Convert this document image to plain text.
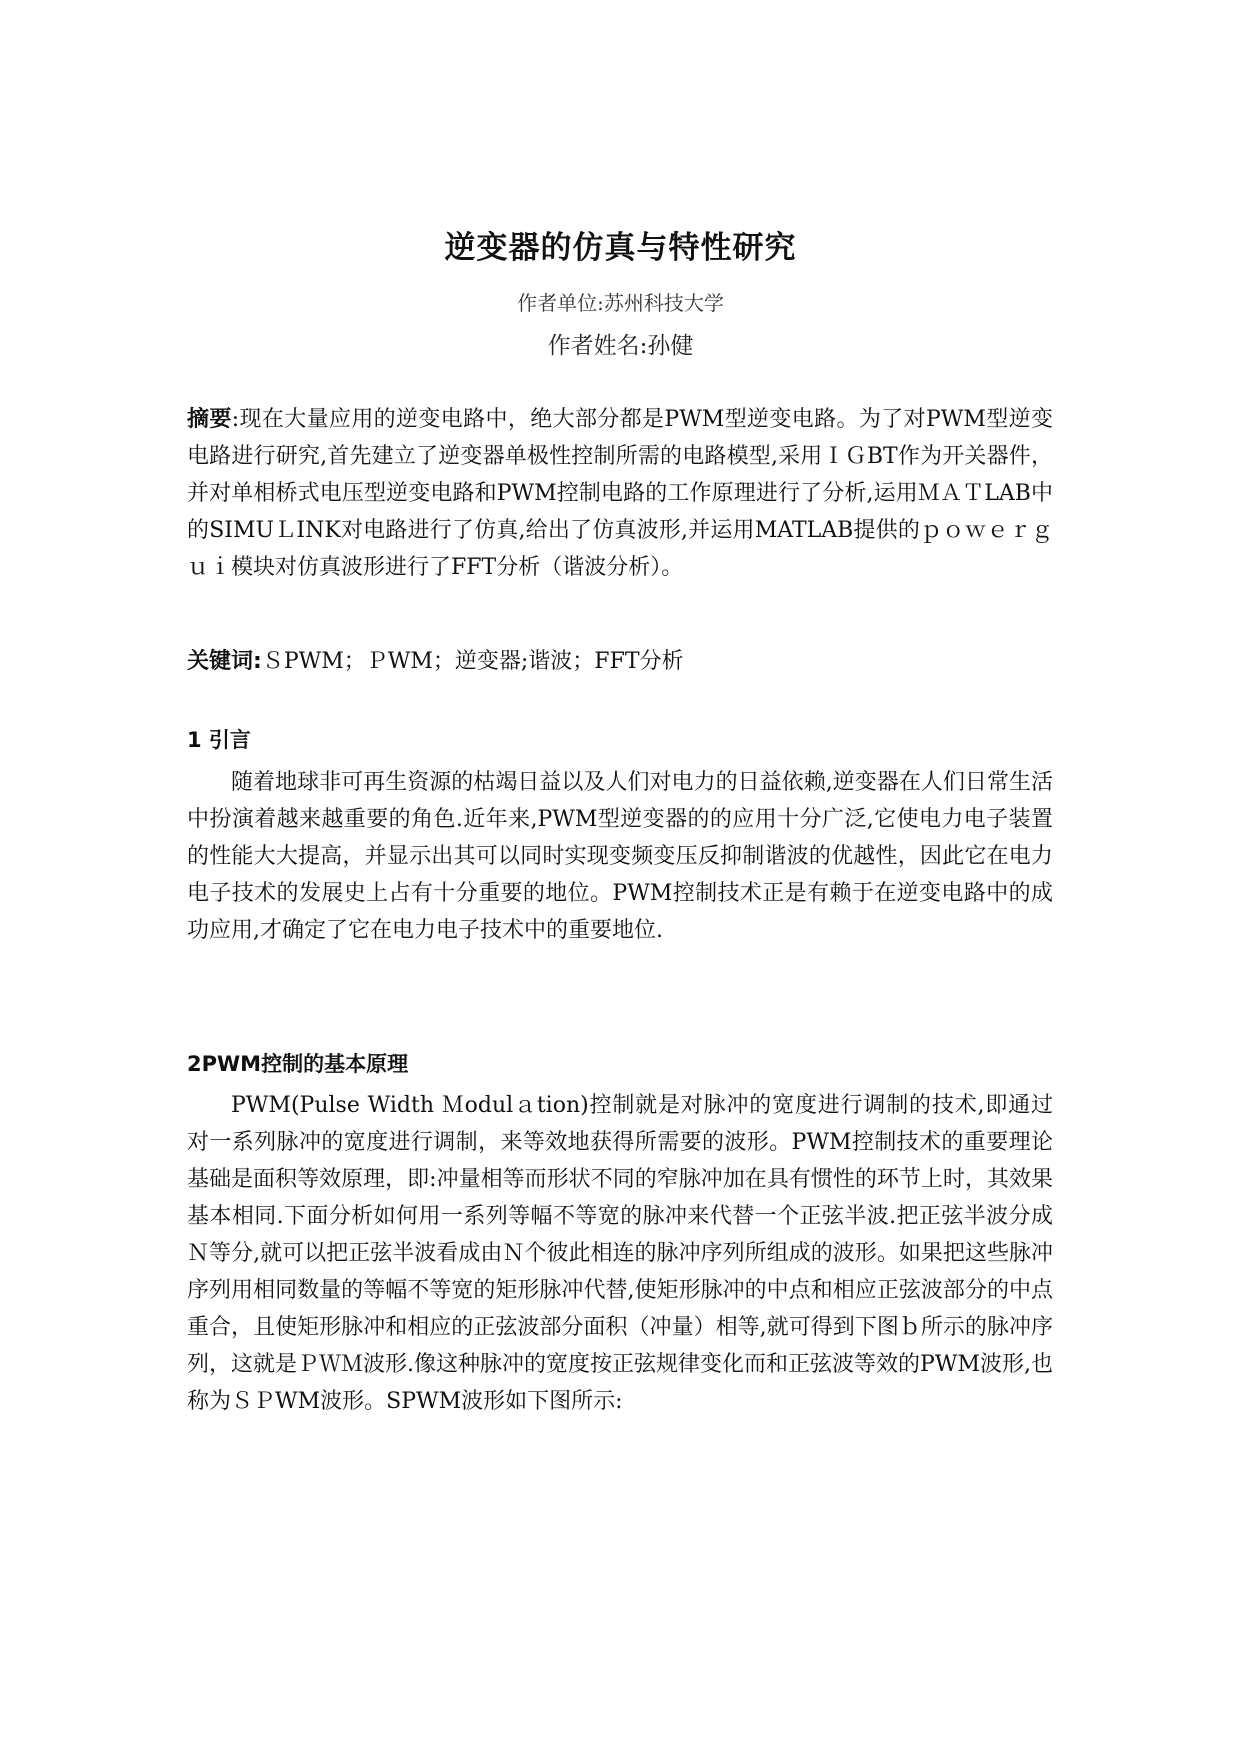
逆变器的仿真与特性研究
作者单位:苏州科技大学
作者姓名:孙健
摘要:现在大量应用的逆变电路中，绝大部分都是PWM型逆变电路。为了对PWM型逆变电路进行研究,首先建立了逆变器单极性控制所需的电路模型,采用ＩＧBT作为开关器件，并对单相桥式电压型逆变电路和PWM控制电路的工作原理进行了分析,运用ＭＡＴLAB中的SIMUＬINK对电路进行了仿真,给出了仿真波形,并运用MATLAB提供的ｐｏｗｅｒｇｕｉ模块对仿真波形进行了FFT分析（谐波分析）。
关键词:ＳPWM；ＰWM；逆变器;谐波；FFT分析
1 引言
随着地球非可再生资源的枯竭日益以及人们对电力的日益依赖,逆变器在人们日常生活中扮演着越来越重要的角色.近年来,PWM型逆变器的的应用十分广泛,它使电力电子装置的性能大大提高，并显示出其可以同时实现变频变压反抑制谐波的优越性，因此它在电力电子技术的发展史上占有十分重要的地位。PWM控制技术正是有赖于在逆变电路中的成功应用,才确定了它在电力电子技术中的重要地位.
2PWM控制的基本原理
PWM(Pulse Width Ｍodulａtion)控制就是对脉冲的宽度进行调制的技术,即通过对一系列脉冲的宽度进行调制，来等效地获得所需要的波形。PWM控制技术的重要理论基础是面积等效原理，即:冲量相等而形状不同的窄脉冲加在具有惯性的环节上时，其效果基本相同.下面分析如何用一系列等幅不等宽的脉冲来代替一个正弦半波.把正弦半波分成Ｎ等分,就可以把正弦半波看成由Ｎ个彼此相连的脉冲序列所组成的波形。如果把这些脉冲序列用相同数量的等幅不等宽的矩形脉冲代替,使矩形脉冲的中点和相应正弦波部分的中点重合，且使矩形脉冲和相应的正弦波部分面积（冲量）相等,就可得到下图ｂ所示的脉冲序列，这就是ＰＷＭ波形.像这种脉冲的宽度按正弦规律变化而和正弦波等效的PWM波形,也称为ＳＰWM波形。SPWM波形如下图所示:
